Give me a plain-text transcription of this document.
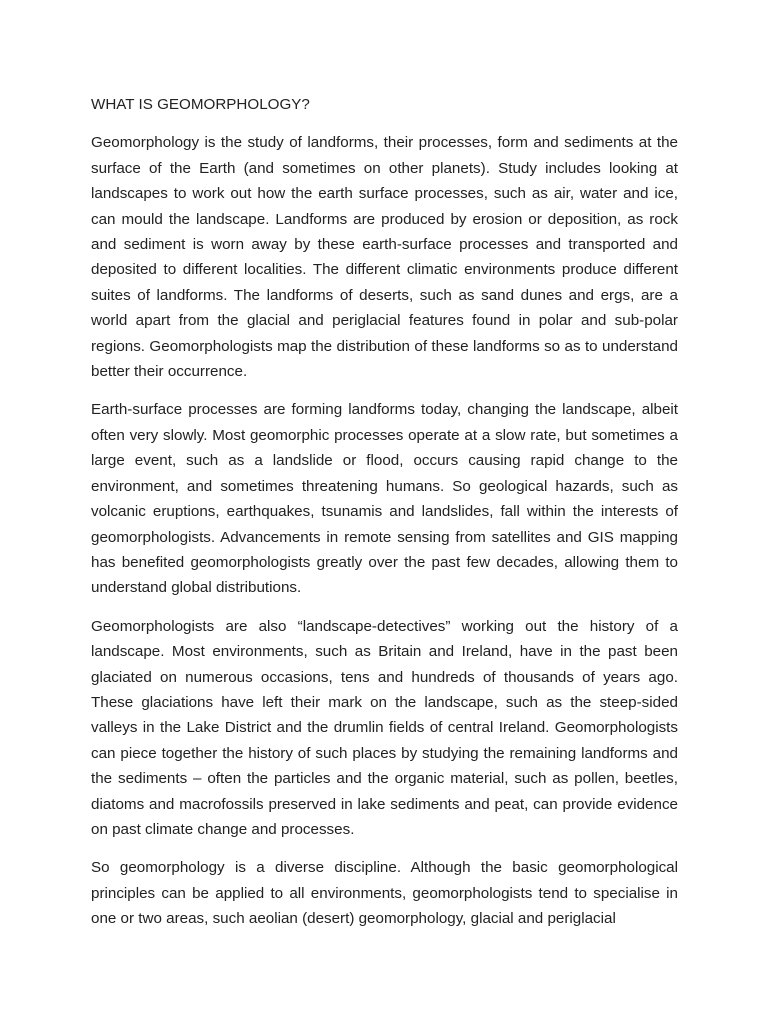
WHAT IS GEOMORPHOLOGY?

Geomorphology is the study of landforms, their processes, form and sediments at the surface of the Earth (and sometimes on other planets). Study includes looking at landscapes to work out how the earth surface processes, such as air, water and ice, can mould the landscape. Landforms are produced by erosion or deposition, as rock and sediment is worn away by these earth-surface processes and transported and deposited to different localities. The different climatic environments produce different suites of landforms. The landforms of deserts, such as sand dunes and ergs, are a world apart from the glacial and periglacial features found in polar and sub-polar regions. Geomorphologists map the distribution of these landforms so as to understand better their occurrence.

Earth-surface processes are forming landforms today, changing the landscape, albeit often very slowly. Most geomorphic processes operate at a slow rate, but sometimes a large event, such as a landslide or flood, occurs causing rapid change to the environment, and sometimes threatening humans. So geological hazards, such as volcanic eruptions, earthquakes, tsunamis and landslides, fall within the interests of geomorphologists. Advancements in remote sensing from satellites and GIS mapping has benefited geomorphologists greatly over the past few decades, allowing them to understand global distributions.

Geomorphologists are also “landscape-detectives” working out the history of a landscape. Most environments, such as Britain and Ireland, have in the past been glaciated on numerous occasions, tens and hundreds of thousands of years ago. These glaciations have left their mark on the landscape, such as the steep-sided valleys in the Lake District and the drumlin fields of central Ireland. Geomorphologists can piece together the history of such places by studying the remaining landforms and the sediments – often the particles and the organic material, such as pollen, beetles, diatoms and macrofossils preserved in lake sediments and peat, can provide evidence on past climate change and processes.

So geomorphology is a diverse discipline. Although the basic geomorphological principles can be applied to all environments, geomorphologists tend to specialise in one or two areas, such aeolian (desert) geomorphology, glacial and periglacial
